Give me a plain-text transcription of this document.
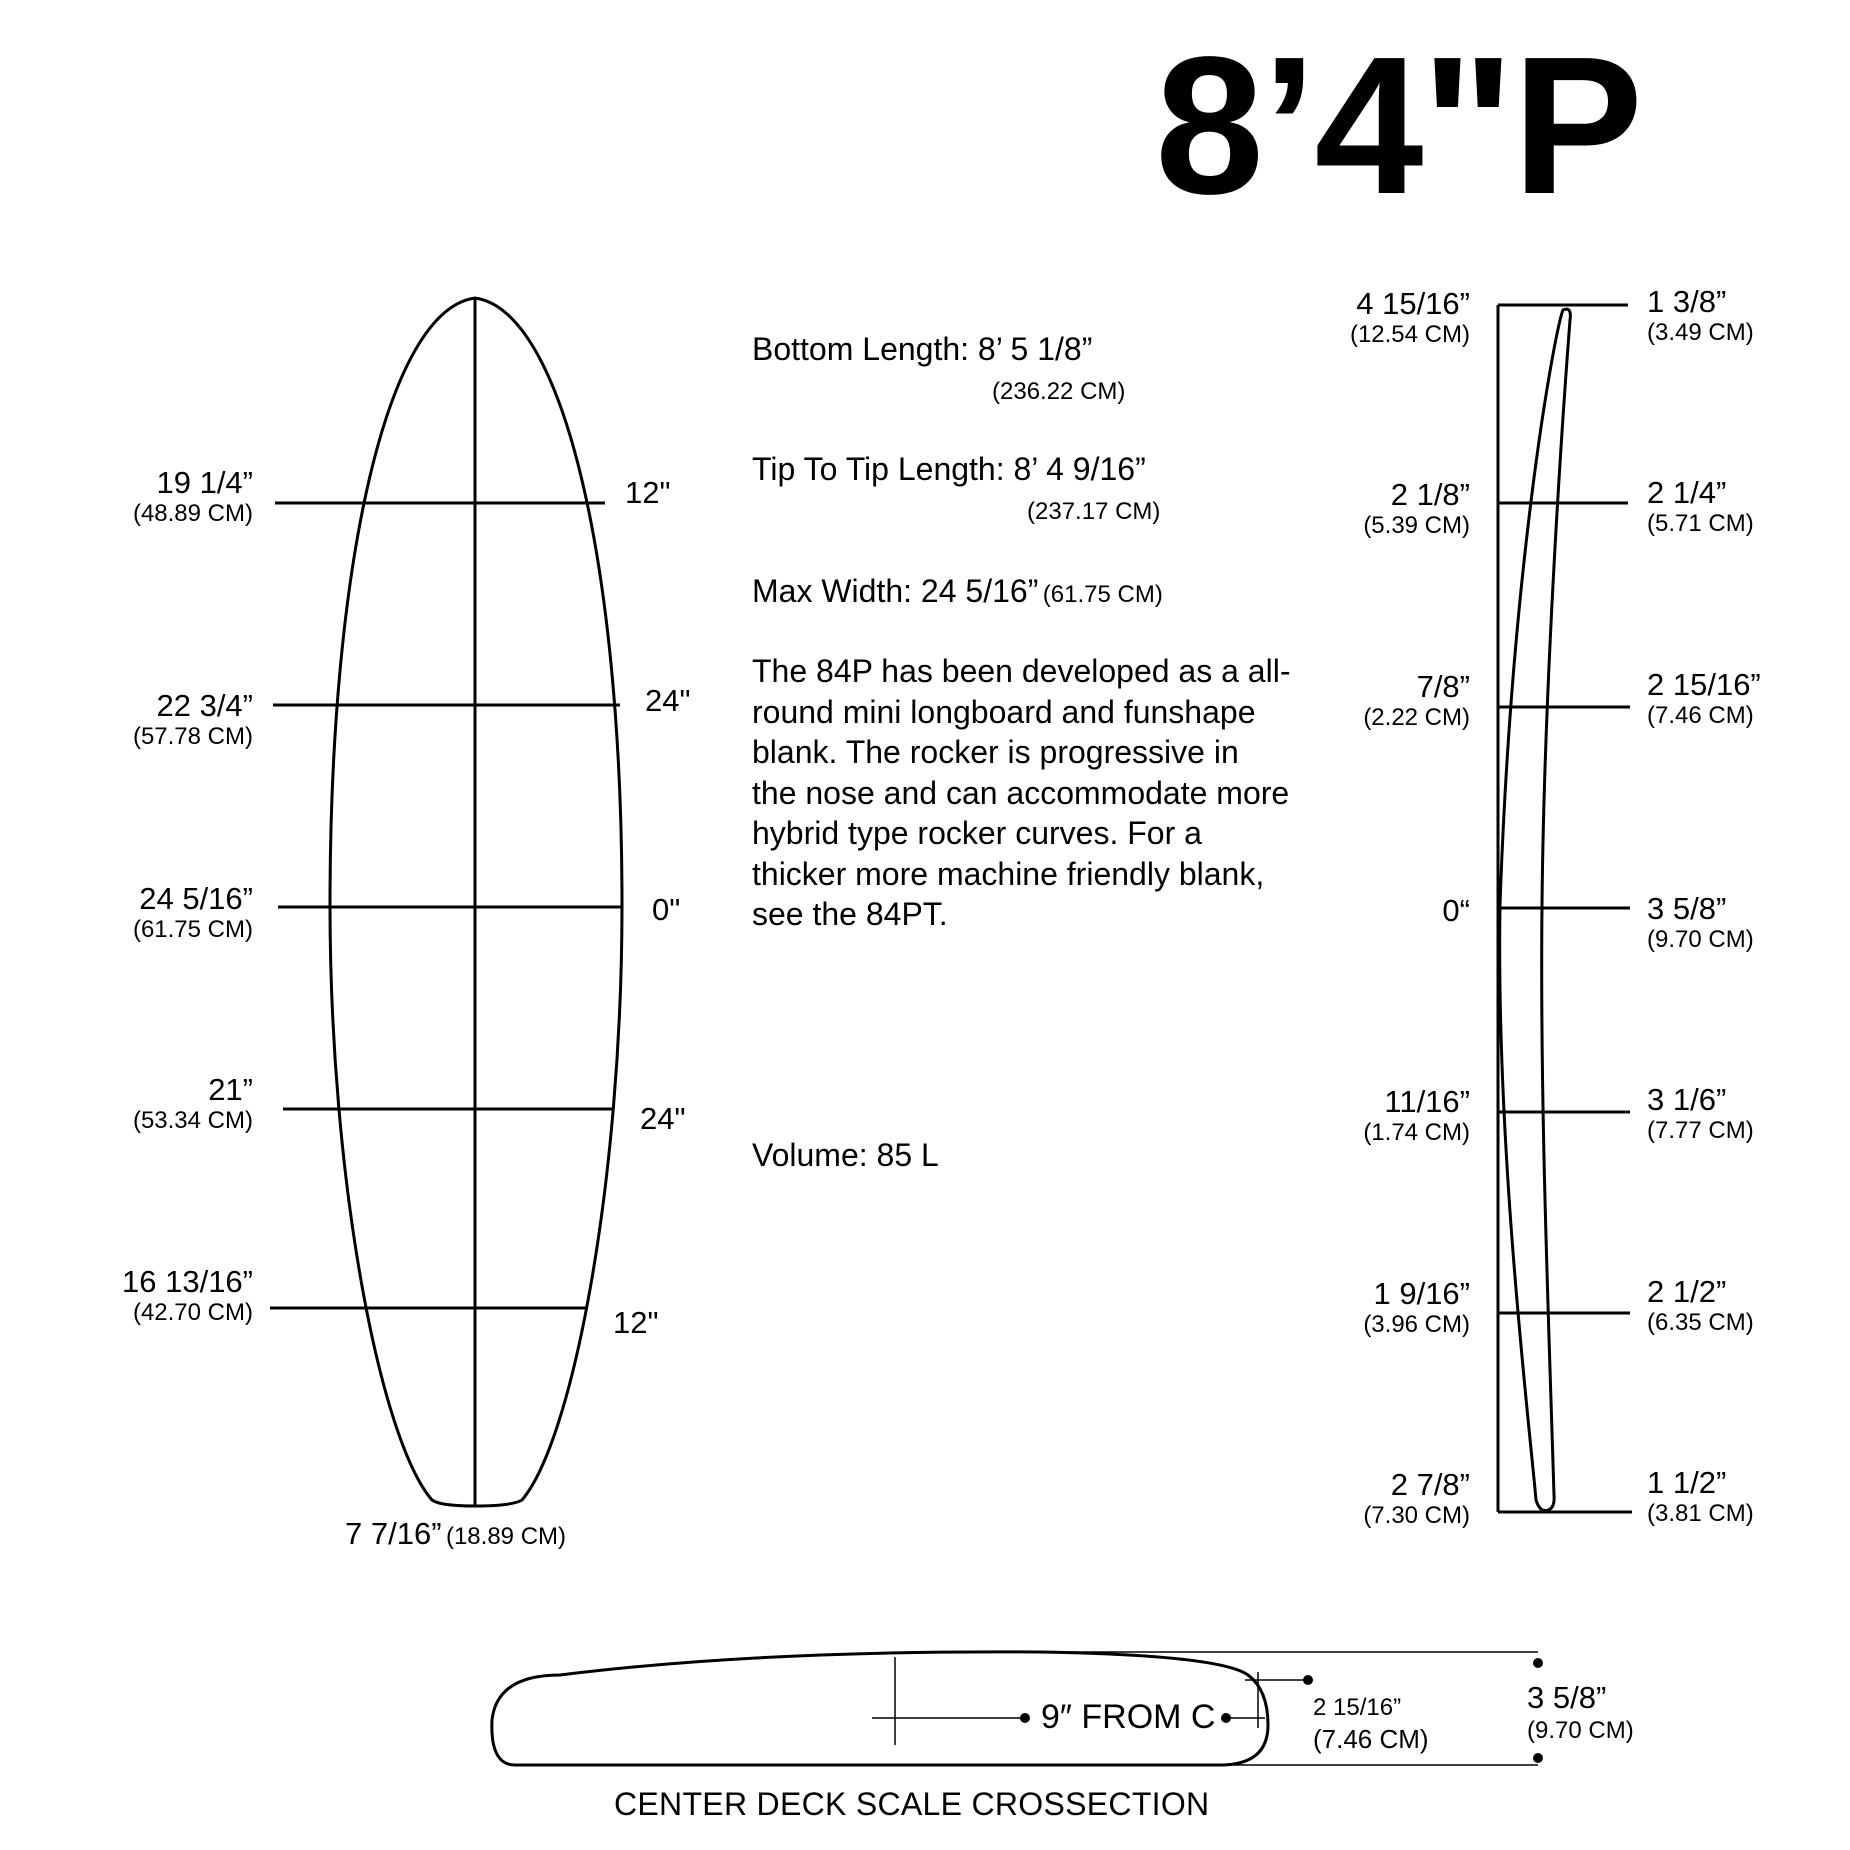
8’4"P
19 1/4”
(48.89 CM)
22 3/4”
(57.78 CM)
24 5/16”
(61.75 CM)
21”
(53.34 CM)
16 13/16”
(42.70 CM)
12"
24"
0"
24"
12"
7 7/16” (18.89 CM)
Bottom Length: 8’ 5 1/8”
(236.22 CM)
Tip To Tip Length: 8’ 4 9/16”
(237.17 CM)
Max Width: 24 5/16” (61.75 CM)
The 84P has been developed as a all-round mini longboard and funshape blank. The rocker is progressive in the nose and can accommodate more hybrid type rocker curves. For a thicker more machine friendly blank, see the 84PT.
Volume: 85 L
4 15/16”
(12.54 CM)
2 1/8”
(5.39 CM)
7/8”
(2.22 CM)
0“
11/16”
(1.74 CM)
1 9/16”
(3.96 CM)
2 7/8”
(7.30 CM)
1 3/8”
(3.49 CM)
2 1/4”
(5.71 CM)
2 15/16”
(7.46 CM)
3 5/8”
(9.70 CM)
3 1/6”
(7.77 CM)
2 1/2”
(6.35 CM)
1 1/2”
(3.81 CM)
9″ FROM C	2 15/16”
(7.46 CM)
3 5/8”
(9.70 CM)
CENTER DECK SCALE CROSSECTION
